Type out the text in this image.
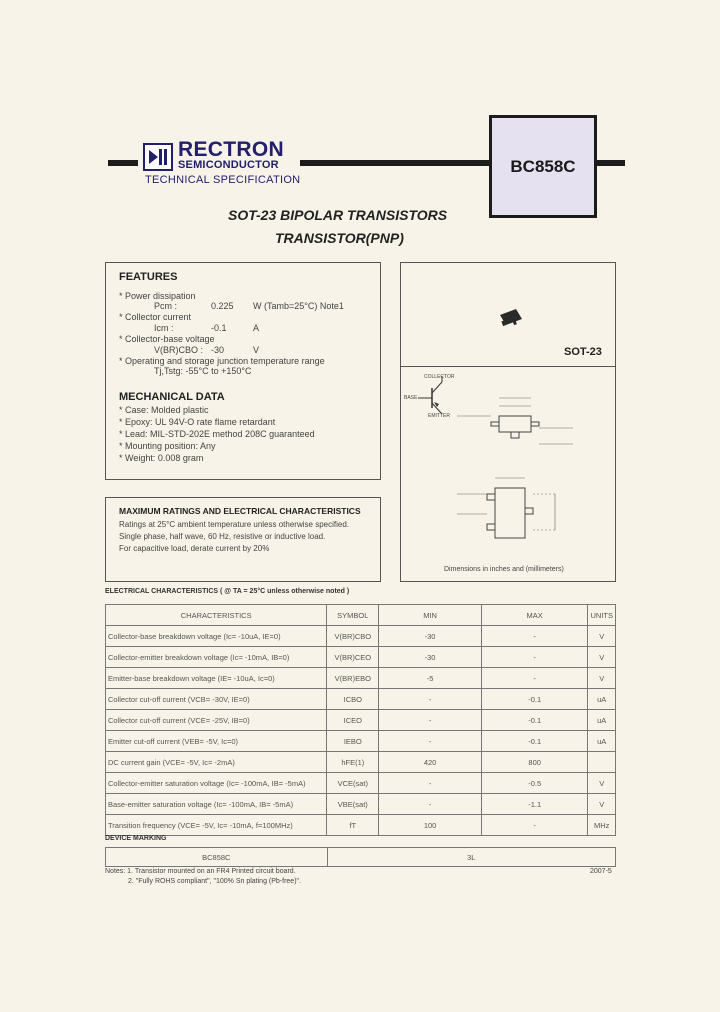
RECTRON
SEMICONDUCTOR
TECHNICAL SPECIFICATION
BC858C
SOT-23 BIPOLAR TRANSISTORS
TRANSISTOR(PNP)
FEATURES
* Power dissipation
Pcm :	0.225 W (Tamb=25°C) Note1
* Collector current
Icm :	-0.1	A
* Collector-base voltage
V(BR)CBO : -30	V
* Operating and storage junction temperature range
Tj,Tstg: -55°C to +150°C
MECHANICAL DATA
* Case: Molded plastic
* Epoxy: UL 94V-O rate flame retardant
* Lead: MIL-STD-202E method 208C guaranteed
* Mounting position: Any
* Weight: 0.008 gram
MAXIMUM RATINGS AND ELECTRICAL CHARACTERISTICS
Ratings at 25°C ambient temperature unless otherwise specified.
Single phase, half wave, 60 Hz, resistive or inductive load.
For capacitive load, derate current by 20%
SOT-23
COLLECTOR
BASE
EMITTER
Dimensions in inches and (millimeters)
ELECTRICAL CHARACTERISTICS ( @ TA = 25°C unless otherwise noted )
CHARACTERISTICS	SYMBOL	MIN	MAX	UNITS
Collector-base breakdown voltage (Ic= -10uA, IE=0)	V(BR)CBO	-30	-	V
Collector-emitter breakdown voltage (Ic= -10mA, IB=0)	V(BR)CEO	-30	-	V
Emitter-base breakdown voltage (IE= -10uA, Ic=0)	V(BR)EBO	-5	-	V
Collector cut-off current (VCB= -30V, IE=0)	ICBO	-	-0.1	uA
Collector cut-off current (VCE= -25V, IB=0)	ICEO	-	-0.1	uA
Emitter cut-off current (VEB= -5V, Ic=0)	IEBO	-	-0.1	uA
DC current gain (VCE= -5V, Ic= -2mA)	hFE(1)	420	800	
Collector-emitter saturation voltage (Ic= -100mA, IB= -5mA)	VCE(sat)	-	-0.5	V
Base-emitter saturation voltage (Ic= -100mA, IB= -5mA)	VBE(sat)	-	-1.1	V
Transition frequency (VCE= -5V, Ic= -10mA, f=100MHz)	fT	100	-	MHz
DEVICE MARKING
BC858C	3L
Notes: 1. Transistor mounted on an FR4 Printed circuit board.
2. "Fully ROHS compliant", "100% Sn plating (Pb-free)".
2007-5
